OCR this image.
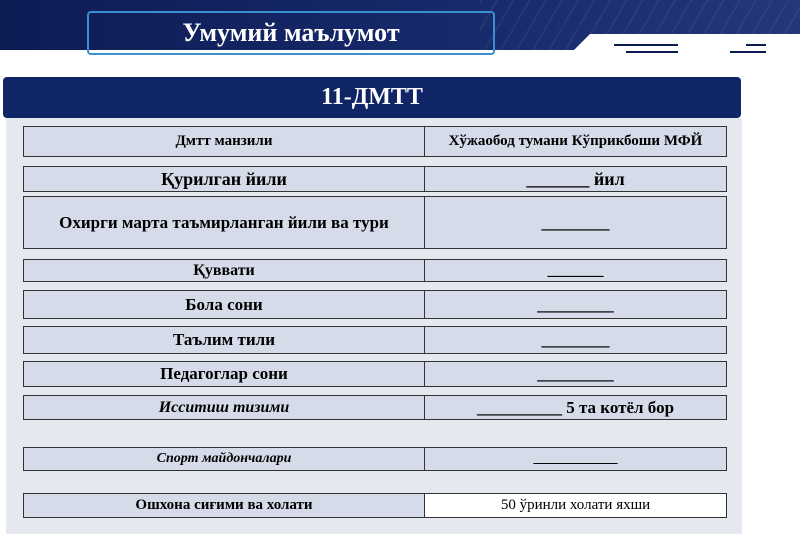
Умумий маълумот
11-ДМТТ
Дмтт манзили	Хўжаобод тумани Кўприкбоши МФЙ
Қурилган йили	_______ йил
Охирги марта таъмирланган йили ва тури	________
Қуввати	_______
Бола сони	_________
Таълим тили	________
Педагоглар сони	_________
Исситиш тизими	__________ 5 та котёл бор
Спорт майдончалари	____________
Ошхона сиғими ва холати	50 ўринли холати яхши
